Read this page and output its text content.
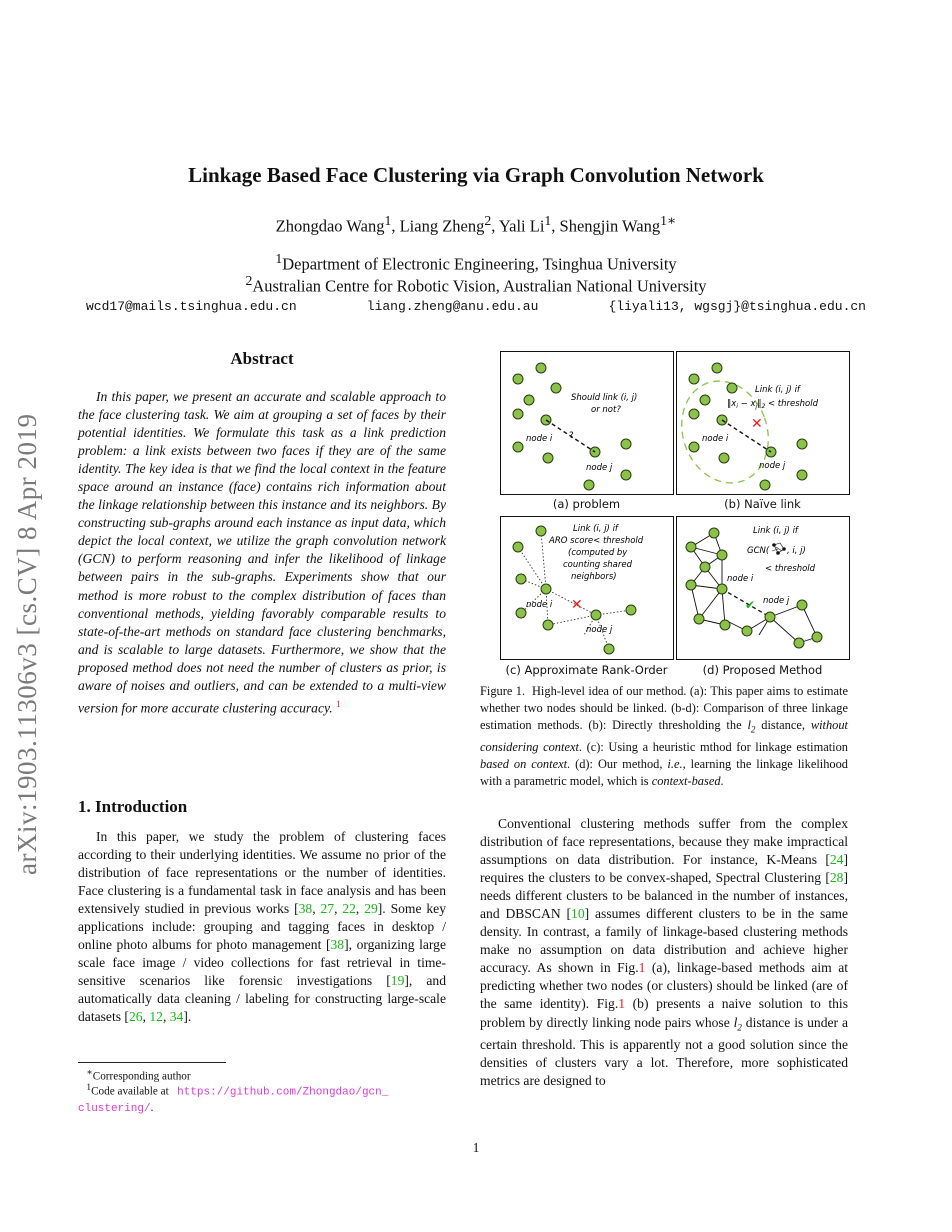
arXiv:1903.11306v3 [cs.CV] 8 Apr 2019
Linkage Based Face Clustering via Graph Convolution Network
Zhongdao Wang$^1$, Liang Zheng$^2$, Yali Li$^1$, Shengjin Wang$^{1∗}$
$^1$Department of Electronic Engineering, Tsinghua University
$^2$Australian Centre for Robotic Vision, Australian National University
wcd17@mails.tsinghua.edu.cn	liang.zheng@anu.edu.au	{liyali13, wgsgj}@tsinghua.edu.cn
Abstract
In this paper, we present an accurate and scalable approach to the face clustering task. We aim at grouping a set of faces by their potential identities. We formulate this task as a link prediction problem: a link exists between two faces if they are of the same identity. The key idea is that we find the local context in the feature space around an instance (face) contains rich information about the linkage relationship between this instance and its neighbors. By constructing sub-graphs around each instance as input data, which depict the local context, we utilize the graph convolution network (GCN) to perform reasoning and infer the likelihood of linkage between pairs in the sub-graphs. Experiments show that our method is more robust to the complex distribution of faces than conventional methods, yielding favorably comparable results to state-of-the-art methods on standard face clustering benchmarks, and is scalable to large datasets. Furthermore, we show that the proposed method does not need the number of clusters as prior, is aware of noises and outliers, and can be extended to a multi-view version for more accurate clustering accuracy. $^1$
1. Introduction
In this paper, we study the problem of clustering faces according to their underlying identities. We assume no prior of the distribution of face representations or the number of identities. Face clustering is a fundamental task in face analysis and has been extensively studied in previous works [38, 27, 22, 29]. Some key applications include: grouping and tagging faces in desktop / online photo albums for photo management [38], organizing large scale face image / video collections for fast retrieval in time-sensitive scenarios like forensic investigations [19], and automatically data cleaning / labeling for constructing large-scale datasets [26, 12, 34].
∗Corresponding author
$^1$Code available at https://github.com/Zhongdao/gcn_
clustering/.
Should link (i, j)
or not?
node i
node j
?
(a) problem
✕
Link (i, j) if
$‖x_i$ − $x_j‖_2$ < threshold
node i
node j
(b) Naïve link
✕
Link (i, j) if
ARO score< threshold
(computed by
counting shared
neighbors)
node i
node j
(c) Approximate Rank-Order
✔
Link (i, j) if
GCN( , i, j)
< threshold
node i
node j
(d) Proposed Method
Figure 1. High-level idea of our method. (a): This paper aims to estimate whether two nodes should be linked. (b-d): Comparison of three linkage estimation methods. (b): Directly thresholding the $l_2$ distance, without considering context. (c): Using a heuristic mthod for linkage estimation based on context. (d): Our method, i.e., learning the linkage likelihood with a parametric model, which is context-based.
Conventional clustering methods suffer from the complex distribution of face representations, because they make impractical assumptions on data distribution. For instance, K-Means [24] requires the clusters to be convex-shaped, Spectral Clustering [28] needs different clusters to be balanced in the number of instances, and DBSCAN [10] assumes different clusters to be in the same density. In contrast, a family of linkage-based clustering methods make no assumption on data distribution and achieve higher accuracy. As shown in Fig.1 (a), linkage-based methods aim at predicting whether two nodes (or clusters) should be linked (are of the same identity). Fig.1 (b) presents a naive solution to this problem by directly linking node pairs whose $l_2$ distance is under a certain threshold. This is apparently not a good solution since the densities of clusters vary a lot. Therefore, more sophisticated metrics are designed to
1
